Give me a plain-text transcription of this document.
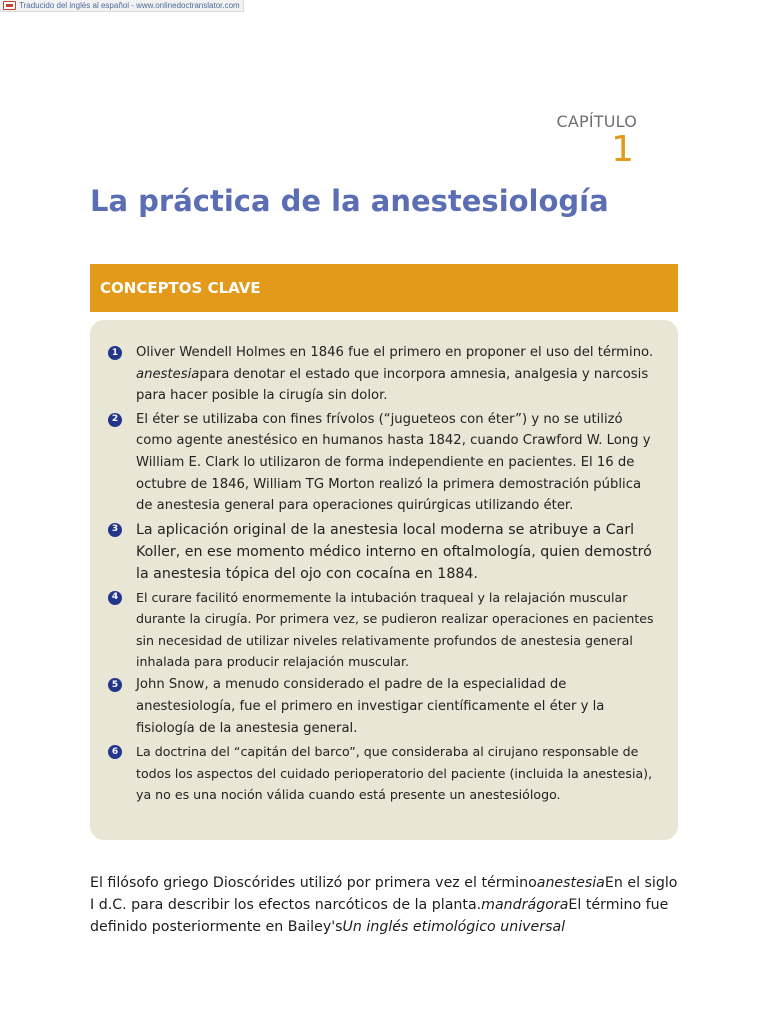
Traducido del inglés al español - www.onlinedoctranslator.com
CAPÍTULO
1
La práctica de la anestesiología
CONCEPTOS CLAVE
1 Oliver Wendell Holmes en 1846 fue el primero en proponer el uso del término. anestesiapara denotar el estado que incorpora amnesia, analgesia y narcosis para hacer posible la cirugía sin dolor.
2 El éter se utilizaba con fines frívolos (“jugueteos con éter”) y no se utilizó como agente anestésico en humanos hasta 1842, cuando Crawford W. Long y William E. Clark lo utilizaron de forma independiente en pacientes. El 16 de octubre de 1846, William TG Morton realizó la primera demostración pública de anestesia general para operaciones quirúrgicas utilizando éter.
3 La aplicación original de la anestesia local moderna se atribuye a Carl Koller, en ese momento médico interno en oftalmología, quien demostró la anestesia tópica del ojo con cocaína en 1884.
4	El curare facilitó enormemente la intubación traqueal y la relajación muscular durante la cirugía. Por primera vez, se pudieron realizar operaciones en pacientes sin necesidad de utilizar niveles relativamente profundos de anestesia general inhalada para producir relajación muscular.
5 John Snow, a menudo considerado el padre de la especialidad de anestesiología, fue el primero en investigar científicamente el éter y la fisiología de la anestesia general.
6	La doctrina del “capitán del barco”, que consideraba al cirujano responsable de todos los aspectos del cuidado perioperatorio del paciente (incluida la anestesia), ya no es una noción válida cuando está presente un anestesiólogo.

El filósofo griego Dioscórides utilizó por primera vez el términoanestesiaEn el siglo I d.C. para describir los efectos narcóticos de la planta.mandrágoraEl término fue definido posteriormente en Bailey'sUn inglés etimológico universal
